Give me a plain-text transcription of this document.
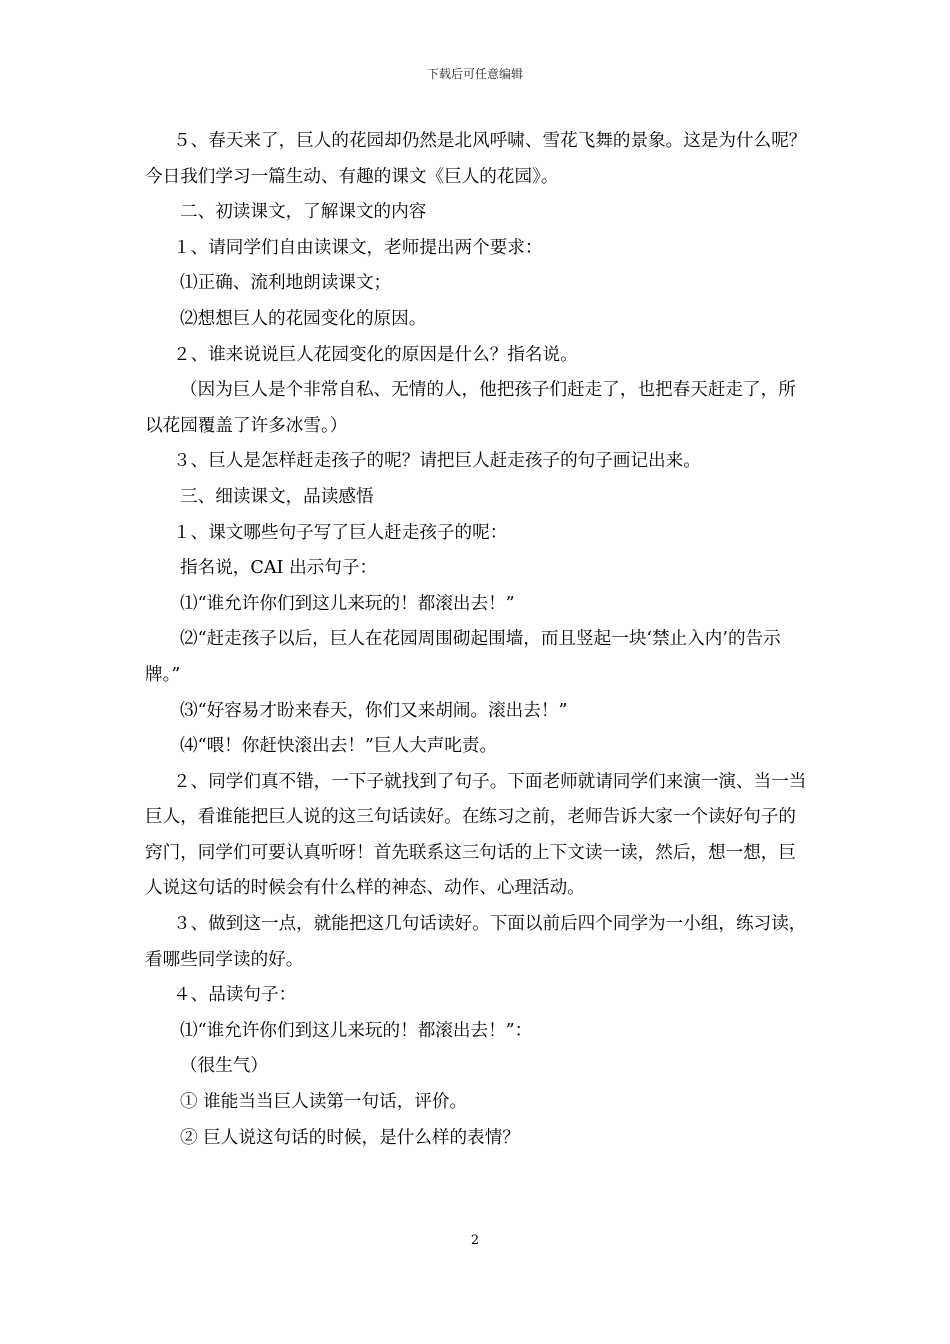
下载后可任意编辑

５、春天来了，巨人的花园却仍然是北风呼啸、雪花飞舞的景象。这是为什么呢？今日我们学习一篇生动、有趣的课文《巨人的花园》。

二、初读课文，了解课文的内容

１、请同学们自由读课文，老师提出两个要求：

⑴正确、流利地朗读课文；

⑵想想巨人的花园变化的原因。

２、谁来说说巨人花园变化的原因是什么？指名说。

（因为巨人是个非常自私、无情的人，他把孩子们赶走了，也把春天赶走了，所以花园覆盖了许多冰雪。）

３、巨人是怎样赶走孩子的呢？请把巨人赶走孩子的句子画记出来。

三、细读课文，品读感悟

１、课文哪些句子写了巨人赶走孩子的呢：

指名说，CAI 出示句子：

⑴“谁允许你们到这儿来玩的！都滚出去！”

⑵“赶走孩子以后，巨人在花园周围砌起围墙，而且竖起一块‘禁止入内’的告示牌。”

⑶“好容易才盼来春天，你们又来胡闹。滚出去！”

⑷“喂！你赶快滚出去！”巨人大声叱责。

２、同学们真不错，一下子就找到了句子。下面老师就请同学们来演一演、当一当巨人，看谁能把巨人说的这三句话读好。在练习之前，老师告诉大家一个读好句子的窍门，同学们可要认真听呀！首先联系这三句话的上下文读一读，然后，想一想，巨人说这句话的时候会有什么样的神态、动作、心理活动。

３、做到这一点，就能把这几句话读好。下面以前后四个同学为一小组，练习读，看哪些同学读的好。

４、品读句子：

⑴“谁允许你们到这儿来玩的！都滚出去！”：

（很生气）

① 谁能当当巨人读第一句话，评价。

② 巨人说这句话的时候，是什么样的表情？

2
